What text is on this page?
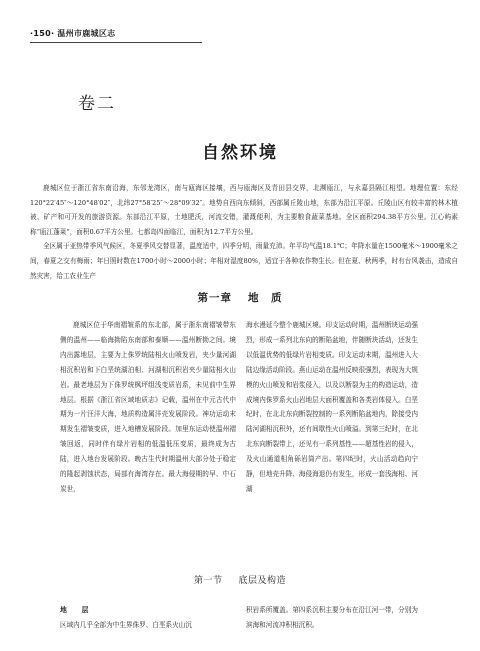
·150· 温州市鹿城区志
卷二
自然环境

鹿城区位于浙江省东南沿海，东邻龙湾区，南与瓯海区接壤，西与瓯海区及青田县交界，北濒瓯江，与永嘉县隔江相望。地理位置：东经120°22′45″～120°48′02″，北纬27°58′25″～28°09′32″。地势自西向东倾斜，西部属丘陵山地，东部为沿江平原。丘陵山区有较丰富的林木植被、矿产和可开发的旅游资源。东部沿江平原，土地肥沃，河流交错，灌溉便利，为主要粮食蔬菜基地。全区面积294.38平方公里。江心屿素称“瓯江蓬莱”，面积0.67平方公里。七都岛四面临江，面积为12.7平方公里。

全区属于亚热带季风气候区，冬夏季风交替显著，温度适中，四季分明，雨量充沛。年平均气温18.1℃；年降水量在1500毫米～1900毫米之间，春夏之交有梅雨；年日照时数在1700小时～2000小时；年相对湿度80%，适宜于各种农作物生长。但在夏、秋两季，时有台风袭击，造成自然灾害，给工农业生产

第一章 地　质

鹿城区位于华南褶皱系的东北部，属于浙东南褶皱带东侧的温州——临海拗陷东南部和泰顺——温州断拗之间。境内出露地层，主要为上侏罗统陆相火山喷发岩，夹少量河湖相沉积岩和下白垩统湖泊相、河湖相沉积岩夹少量陆相火山岩。最老地层为下侏罗统枫坪组浅变质岩系，未见前中生界地层。根据《浙江省区域地质志》记载，温州在中元古代中期为一片汪洋大海，地质构造属洋壳发展阶段。神功运动末期发生褶皱变质，进入地槽发展阶段。加里东运动使温州褶皱回返，同时伴有绿片岩相的低温低压变质，最终成为古陆，进入地台发展阶段。晚古生代时期温州大部分处于稳定的隆起剥蚀状态，局部有海湾存在。最大海侵期的早、中石炭世，

海水漫延今整个鹿城区境。印支运动时期，温州断块运动强烈，形成一系列北东向的断陷盆地，伴随断块活动，还发生以低温优势的低绿片岩相变质。印支运动末期，温州进入大陆边缘活动阶段。燕山运动在温州反映很强烈，表现为大规模的火山喷发和岩浆侵入，以及以断裂为主的构造运动，造成境内侏罗系火山岩地层大面积覆盖和各类岩体侵入。白垩纪时，在北北东向断裂控制的一系列断陷盆地内，除接受内陆河湖相沉积外，还有间歇性火山喷溢。到第三纪时，在北北东向断裂带上，还见有一系列基性——超基性岩的侵入，及火山通道相角砾岩筒产出。第四纪时，火山活动趋向宁静，但地壳升降、海侵海退仍有发生，形成一套浅海相、河湖

第一节 底层及构造
地　层
区域内几乎全部为中生界侏罗、白垩系火山沉

积岩系所覆盖。第四系沉积主要分布在沿江河一带，分别为滨海和河流冲积相沉积。
